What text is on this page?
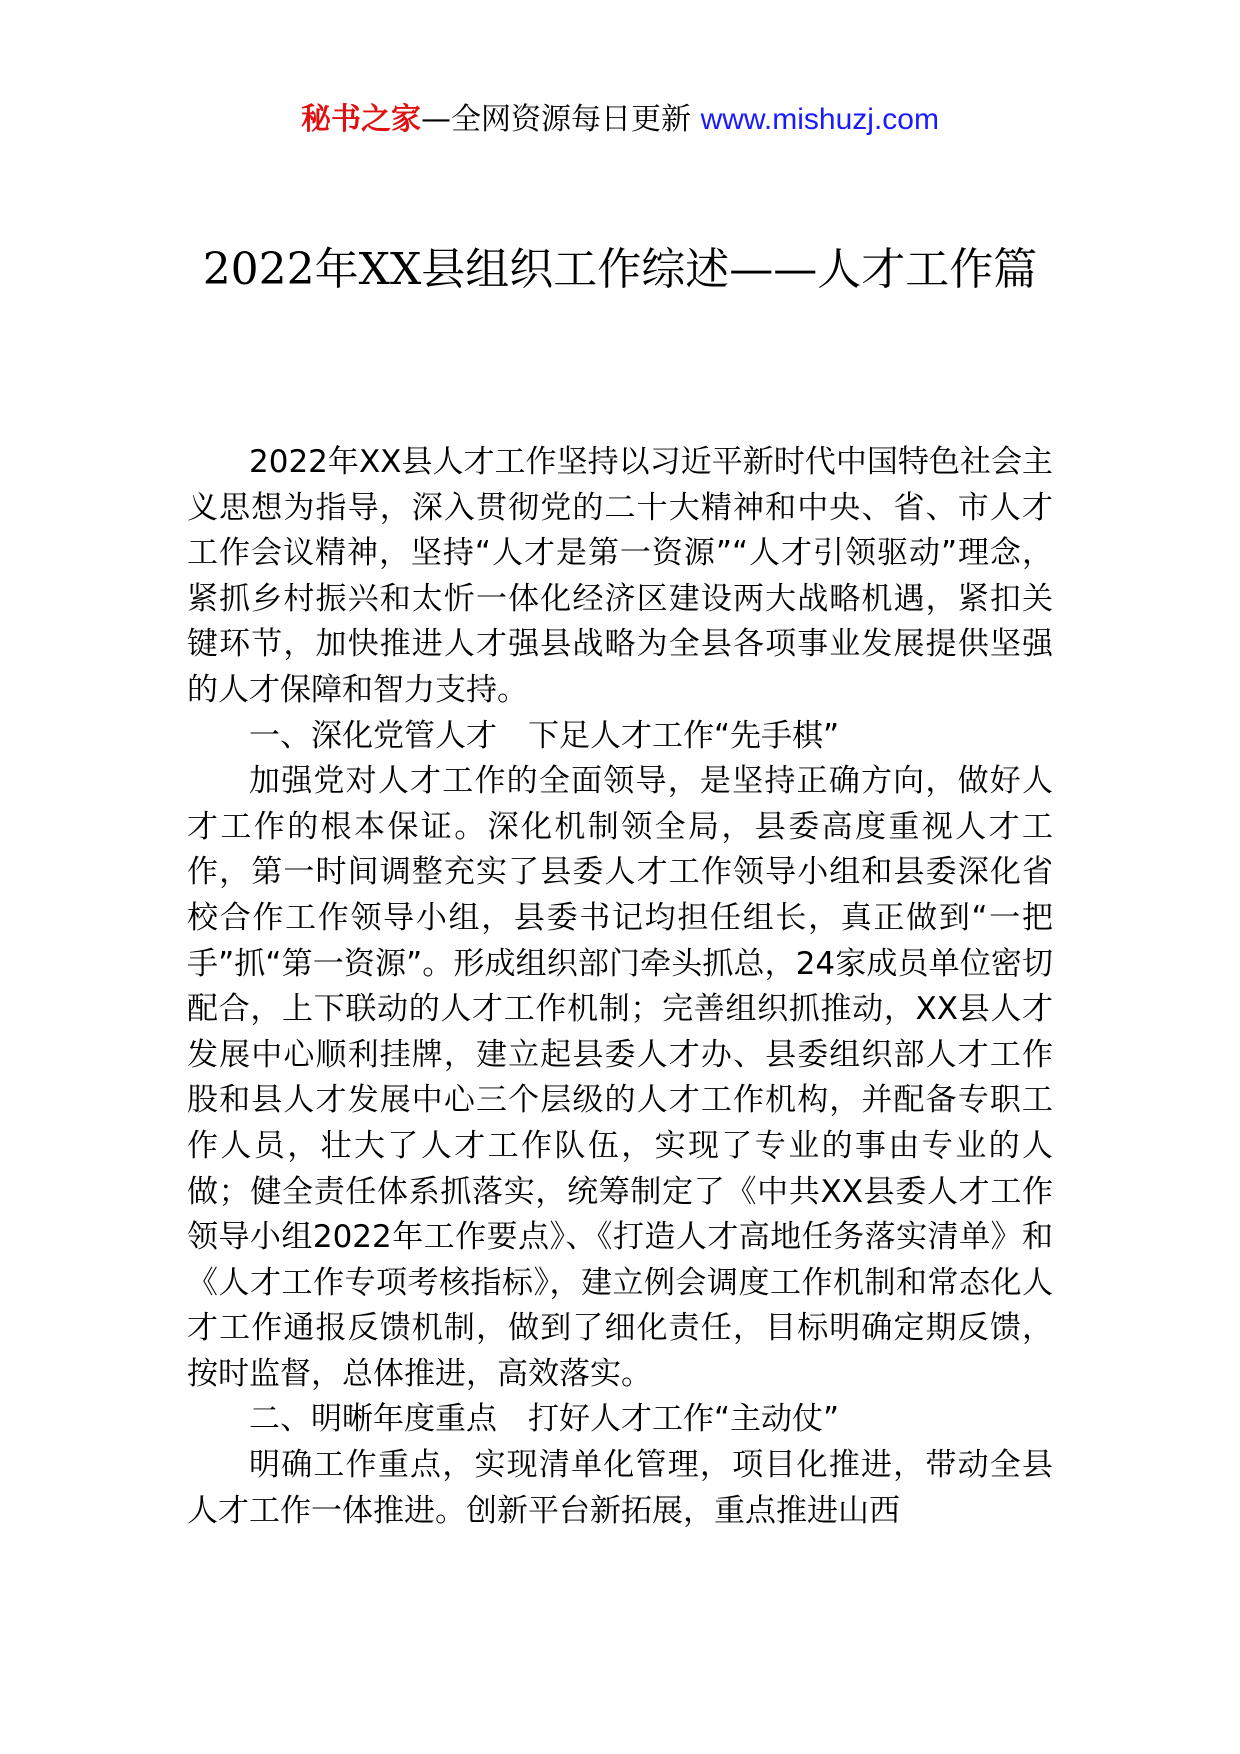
秘书之家—全网资源每日更新 www.mishuzj.com
2022年XX县组织工作综述——人才工作篇

2022年XX县人才工作坚持以习近平新时代中国特色社会主义思想为指导，深入贯彻党的二十大精神和中央、省、市人才工作会议精神，坚持“人才是第一资源”“人才引领驱动”理念，紧抓乡村振兴和太忻一体化经济区建设两大战略机遇，紧扣关键环节，加快推进人才强县战略为全县各项事业发展提供坚强的人才保障和智力支持。

一、深化党管人才　下足人才工作“先手棋”

加强党对人才工作的全面领导，是坚持正确方向，做好人才工作的根本保证。深化机制领全局，县委高度重视人才工作，第一时间调整充实了县委人才工作领导小组和县委深化省校合作工作领导小组，县委书记均担任组长，真正做到“一把手”抓“第一资源”。形成组织部门牵头抓总，24家成员单位密切配合，上下联动的人才工作机制；完善组织抓推动，XX县人才发展中心顺利挂牌，建立起县委人才办、县委组织部人才工作股和县人才发展中心三个层级的人才工作机构，并配备专职工作人员，壮大了人才工作队伍，实现了专业的事由专业的人做；健全责任体系抓落实，统筹制定了《中共XX县委人才工作领导小组2022年工作要点》、《打造人才高地任务落实清单》和《人才工作专项考核指标》，建立例会调度工作机制和常态化人才工作通报反馈机制，做到了细化责任，目标明确定期反馈，按时监督，总体推进，高效落实。

二、明晰年度重点　打好人才工作“主动仗”

明确工作重点，实现清单化管理，项目化推进，带动全县人才工作一体推进。创新平台新拓展，重点推进山西
